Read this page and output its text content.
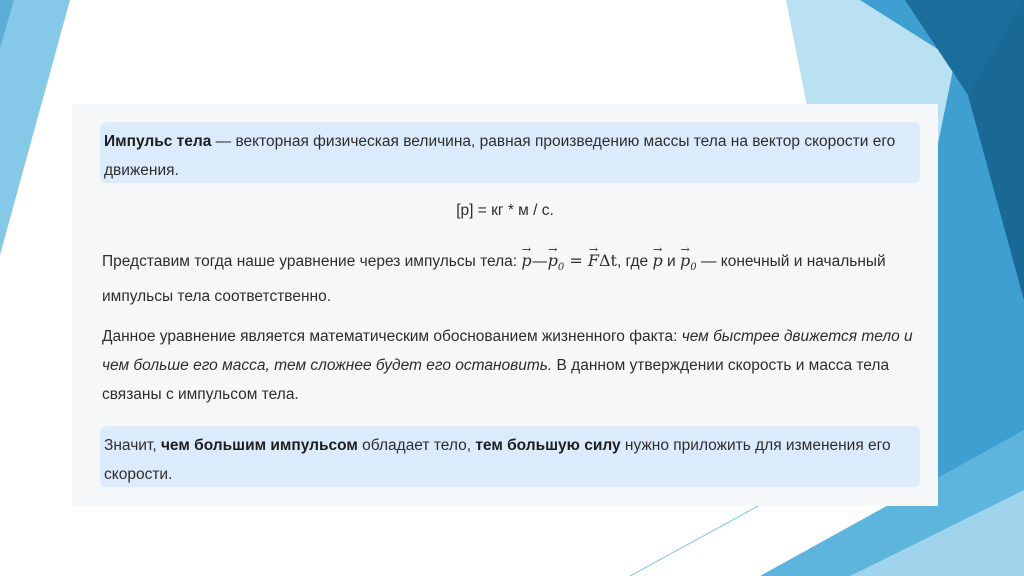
Импульс тела — векторная физическая величина, равная произведению массы тела на вектор скорости его движения.
[p] = кг * м / с.
Представим тогда наше уравнение через импульсы тела: → p—→ $p_0$ = → FΔt, где → p $и \to p_0$ — конечный и начальный импульсы тела соответственно.
Данное уравнение является математическим обоснованием жизненного факта: чем быстрее движется тело и чем больше его масса, тем сложнее будет его остановить. В данном утверждении скорость и масса тела связаны с импульсом тела.
Значит, чем большим импульсом обладает тело, тем большую силу нужно приложить для изменения его скорости.
